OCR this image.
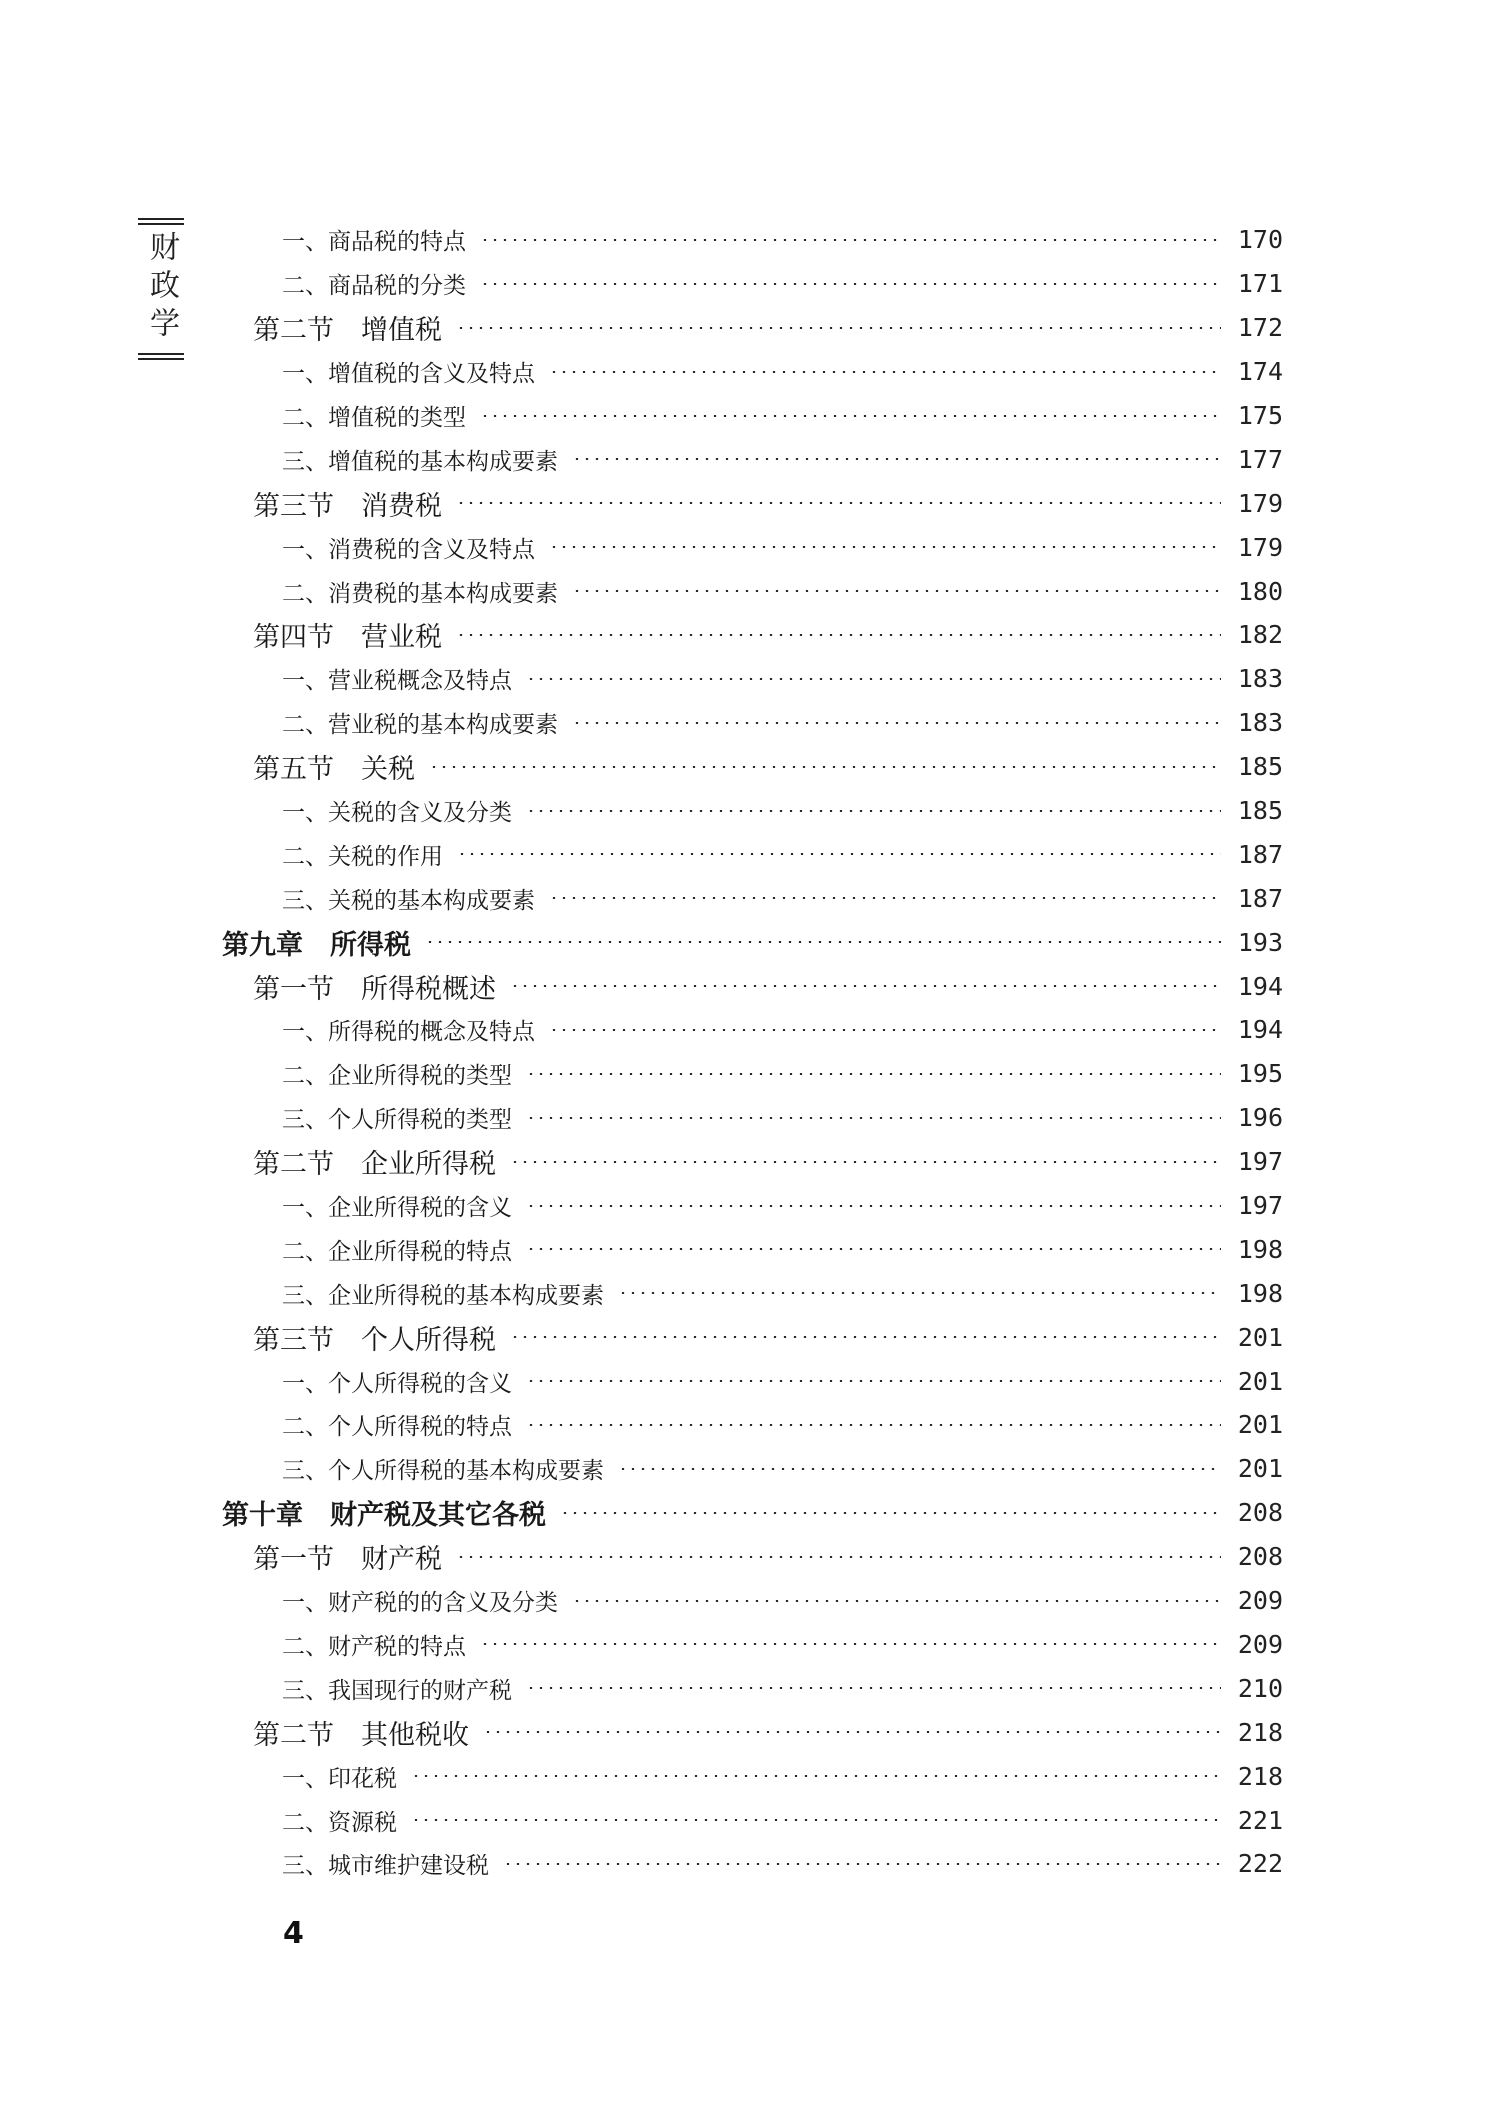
财政学	一、商品税的特点	170
二、商品税的分类	171
第二节　增值税	172
一、增值税的含义及特点	174
二、增值税的类型	175
三、增值税的基本构成要素	177
第三节　消费税	179
一、消费税的含义及特点	179
二、消费税的基本构成要素	180
第四节　营业税	182
一、营业税概念及特点	183
二、营业税的基本构成要素	183
第五节　关税	185
一、关税的含义及分类	185
二、关税的作用	187
三、关税的基本构成要素	187
第九章　所得税	193
第一节　所得税概述	194
一、所得税的概念及特点	194
二、企业所得税的类型	195
三、个人所得税的类型	196
第二节　企业所得税	197
一、企业所得税的含义	197
二、企业所得税的特点	198
三、企业所得税的基本构成要素	198
第三节　个人所得税	201
一、个人所得税的含义	201
二、个人所得税的特点	201
三、个人所得税的基本构成要素	201
第十章　财产税及其它各税	208
第一节　财产税	208
一、财产税的的含义及分类	209
二、财产税的特点	209
三、我国现行的财产税	210
第二节　其他税收	218
一、印花税	218
二、资源税	221
三、城市维护建设税	222
4
